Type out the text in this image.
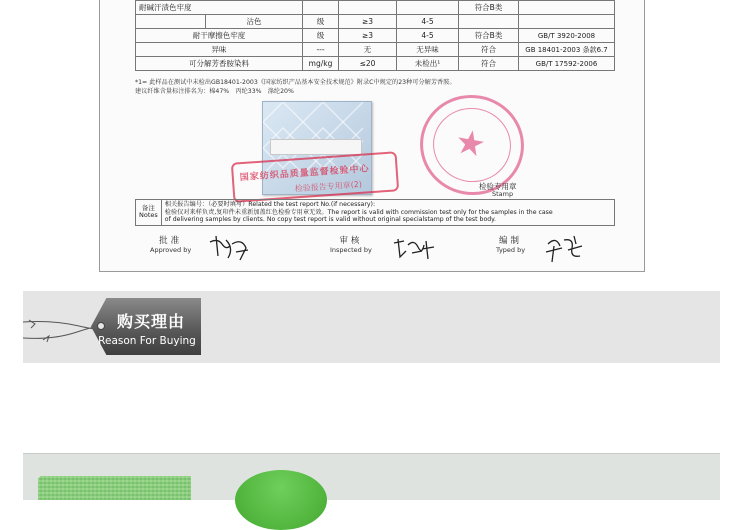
耐碱汗渍色牢度					符合B类	
	沾色	级	≥3	4-5		
耐干摩擦色牢度		级	≥3	4-5	符合B类	GB/T 3920-2008
异味		---	无	无异味	符合	GB 18401-2003 条款6.7
可分解芳香胺染料		mg/kg	≤20	未检出¹	符合	GB/T 17592-2006
*1= 此样品在测试中未检出GB18401-2003《国家纺织产品基本安全技术规范》附录C中规定的23种可分解芳香胺。
建议纤维含量标注排名为：棉47%　丙纶33%　涤纶20%
国家纺织品质量监督检验中心
检验报告专用章(2)
★
检验专用章
Stamp
备注
Notes

相关报告编号：（必要时填写）Related the test report No.(if necessary):
检验仅对来样负责,复印件未重新加盖红色检验专用章无效。The report is valid with commission test only for the samples in the case
of delivering samples by clients. No copy test report is valid without original specialstamp of the test body.
批准
Approved by
审核
Inspected by
编制
Typed by
购买理由
Reason For Buying
